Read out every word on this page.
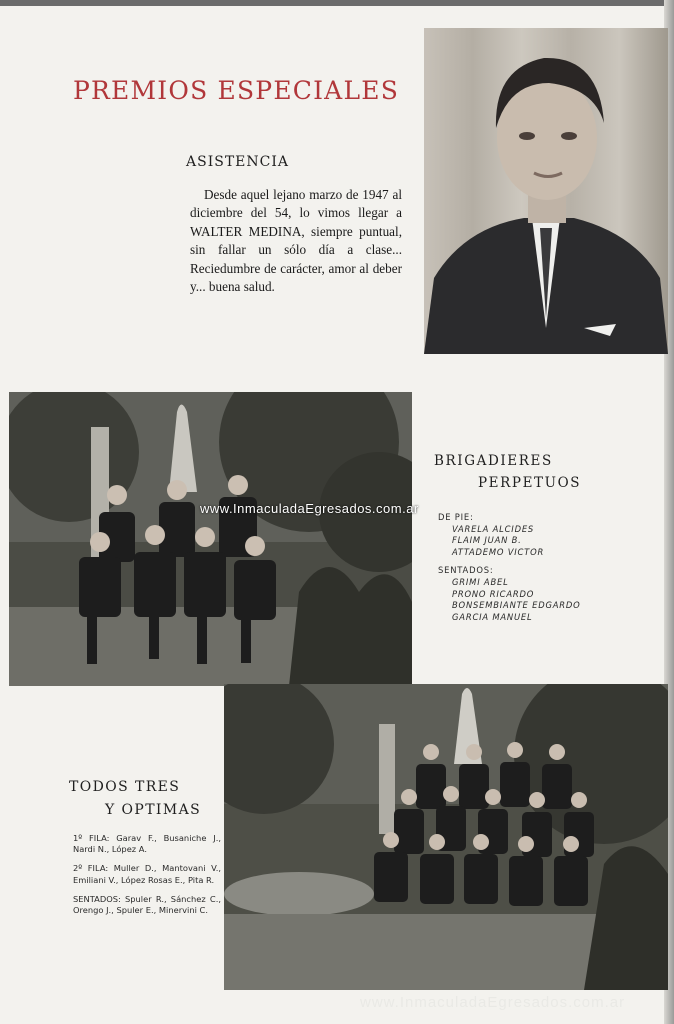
PREMIOS ESPECIALES
ASISTENCIA

Desde aquel lejano marzo de 1947 al diciembre del 54, lo vimos llegar a WALTER MEDINA, siempre puntual, sin fallar un sólo día a clase... Reciedumbre de carácter, amor al deber y... buena salud.

www.InmaculadaEgresados.com.ar
BRIGADIERES
PERPETUOS
DE PIE:
VARELA ALCIDES
FLAIM JUAN B.
ATTADEMO VICTOR
SENTADOS:
GRIMI ABEL
PRONO RICARDO
BONSEMBIANTE EDGARDO
GARCIA MANUEL
TODOS TRES
Y OPTIMAS

1º FILA: Garav F., Busaniche J., Nardi N., López A.

2º FILA: Muller D., Mantovani V., Emiliani V., López Rosas E., Pita R.

SENTADOS: Spuler R., Sánchez C., Orengo J., Spuler E., Minervini C.

www.InmaculadaEgresados.com.ar
